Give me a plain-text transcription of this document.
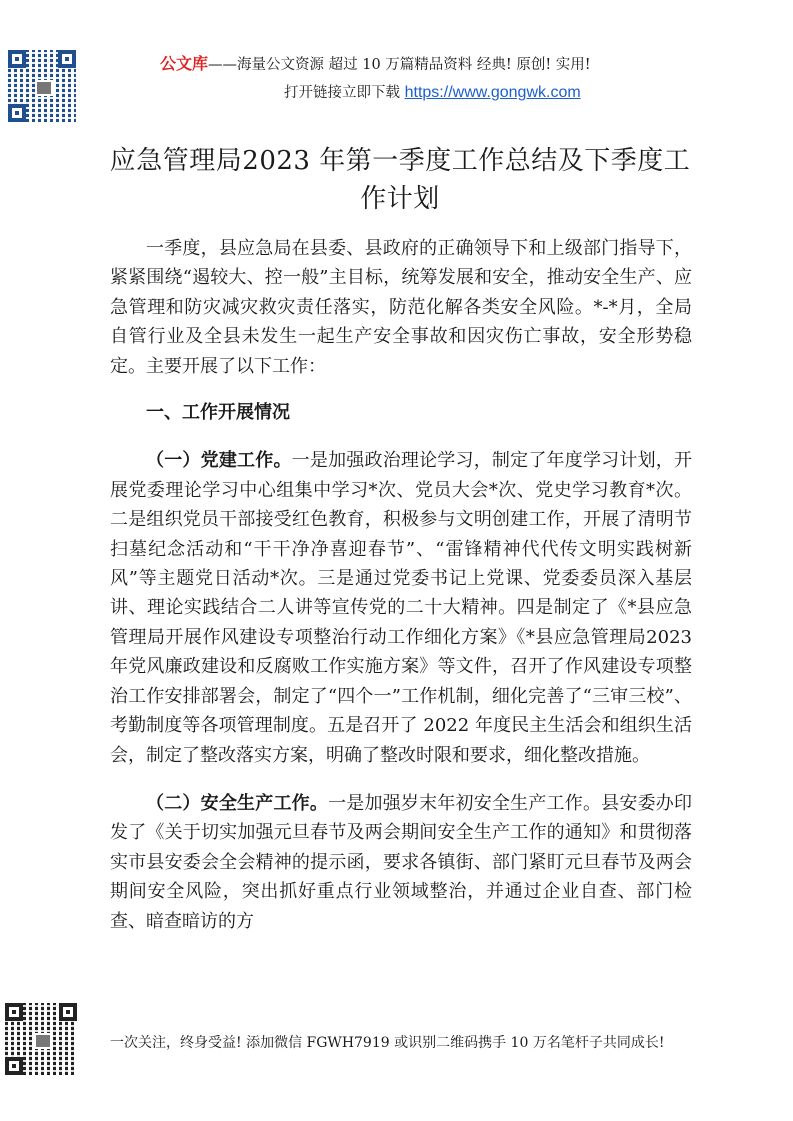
公文库——海量公文资源 超过 10 万篇精品资料 经典! 原创! 实用!
打开链接立即下载 https://www.gongwk.com
应急管理局2023 年第一季度工作总结及下季度工作计划

一季度，县应急局在县委、县政府的正确领导下和上级部门指导下，紧紧围绕“遏较大、控一般”主目标，统筹发展和安全，推动安全生产、应急管理和防灾减灾救灾责任落实，防范化解各类安全风险。*-*月，全局自管行业及全县未发生一起生产安全事故和因灾伤亡事故，安全形势稳定。主要开展了以下工作：

一、工作开展情况

（一）党建工作。一是加强政治理论学习，制定了年度学习计划，开展党委理论学习中心组集中学习*次、党员大会*次、党史学习教育*次。二是组织党员干部接受红色教育，积极参与文明创建工作，开展了清明节扫墓纪念活动和“干干净净喜迎春节”、“雷锋精神代代传文明实践树新风”等主题党日活动*次。三是通过党委书记上党课、党委委员深入基层讲、理论实践结合二人讲等宣传党的二十大精神。四是制定了《*县应急管理局开展作风建设专项整治行动工作细化方案》《*县应急管理局2023 年党风廉政建设和反腐败工作实施方案》等文件，召开了作风建设专项整治工作安排部署会，制定了“四个一”工作机制，细化完善了“三审三校”、考勤制度等各项管理制度。五是召开了 2022 年度民主生活会和组织生活会，制定了整改落实方案，明确了整改时限和要求，细化整改措施。

（二）安全生产工作。一是加强岁末年初安全生产工作。县安委办印发了《关于切实加强元旦春节及两会期间安全生产工作的通知》和贯彻落实市县安委会全会精神的提示函，要求各镇街、部门紧盯元旦春节及两会期间安全风险，突出抓好重点行业领域整治，并通过企业自查、部门检查、暗查暗访的方

一次关注，终身受益! 添加微信 FGWH7919 或识别二维码携手 10 万名笔杆子共同成长!
